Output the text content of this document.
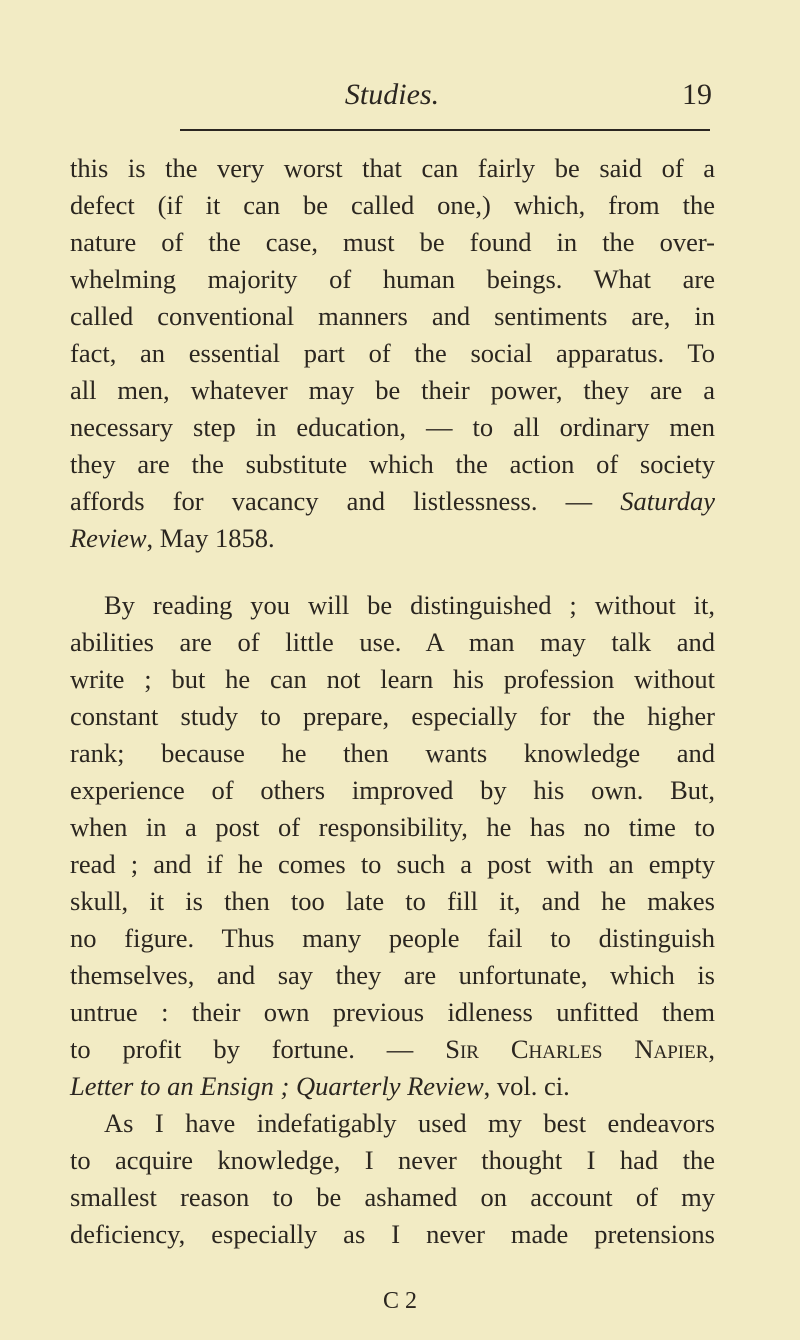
Studies.	19
this is the very worst that can fairly be said of a
defect (if it can be called one,) which, from the
nature of the case, must be found in the over-
whelming majority of human beings. What are
called conventional manners and sentiments are, in
fact, an essential part of the social apparatus. To
all men, whatever may be their power, they are a
necessary step in education, — to all ordinary men
they are the substitute which the action of society
affords for vacancy and listlessness. — Saturday
Review, May 1858.
By reading you will be distinguished ; without it,
abilities are of little use. A man may talk and
write ; but he can not learn his profession without
constant study to prepare, especially for the higher
rank; because he then wants knowledge and
experience of others improved by his own. But,
when in a post of responsibility, he has no time to
read ; and if he comes to such a post with an empty
skull, it is then too late to fill it, and he makes
no figure. Thus many people fail to distinguish
themselves, and say they are unfortunate, which is
untrue : their own previous idleness unfitted them
to profit by fortune. — Sir Charles Napier,
Letter to an Ensign ; Quarterly Review, vol. ci.
As I have indefatigably used my best endeavors
to acquire knowledge, I never thought I had the
smallest reason to be ashamed on account of my
deficiency, especially as I never made pretensions
C 2
